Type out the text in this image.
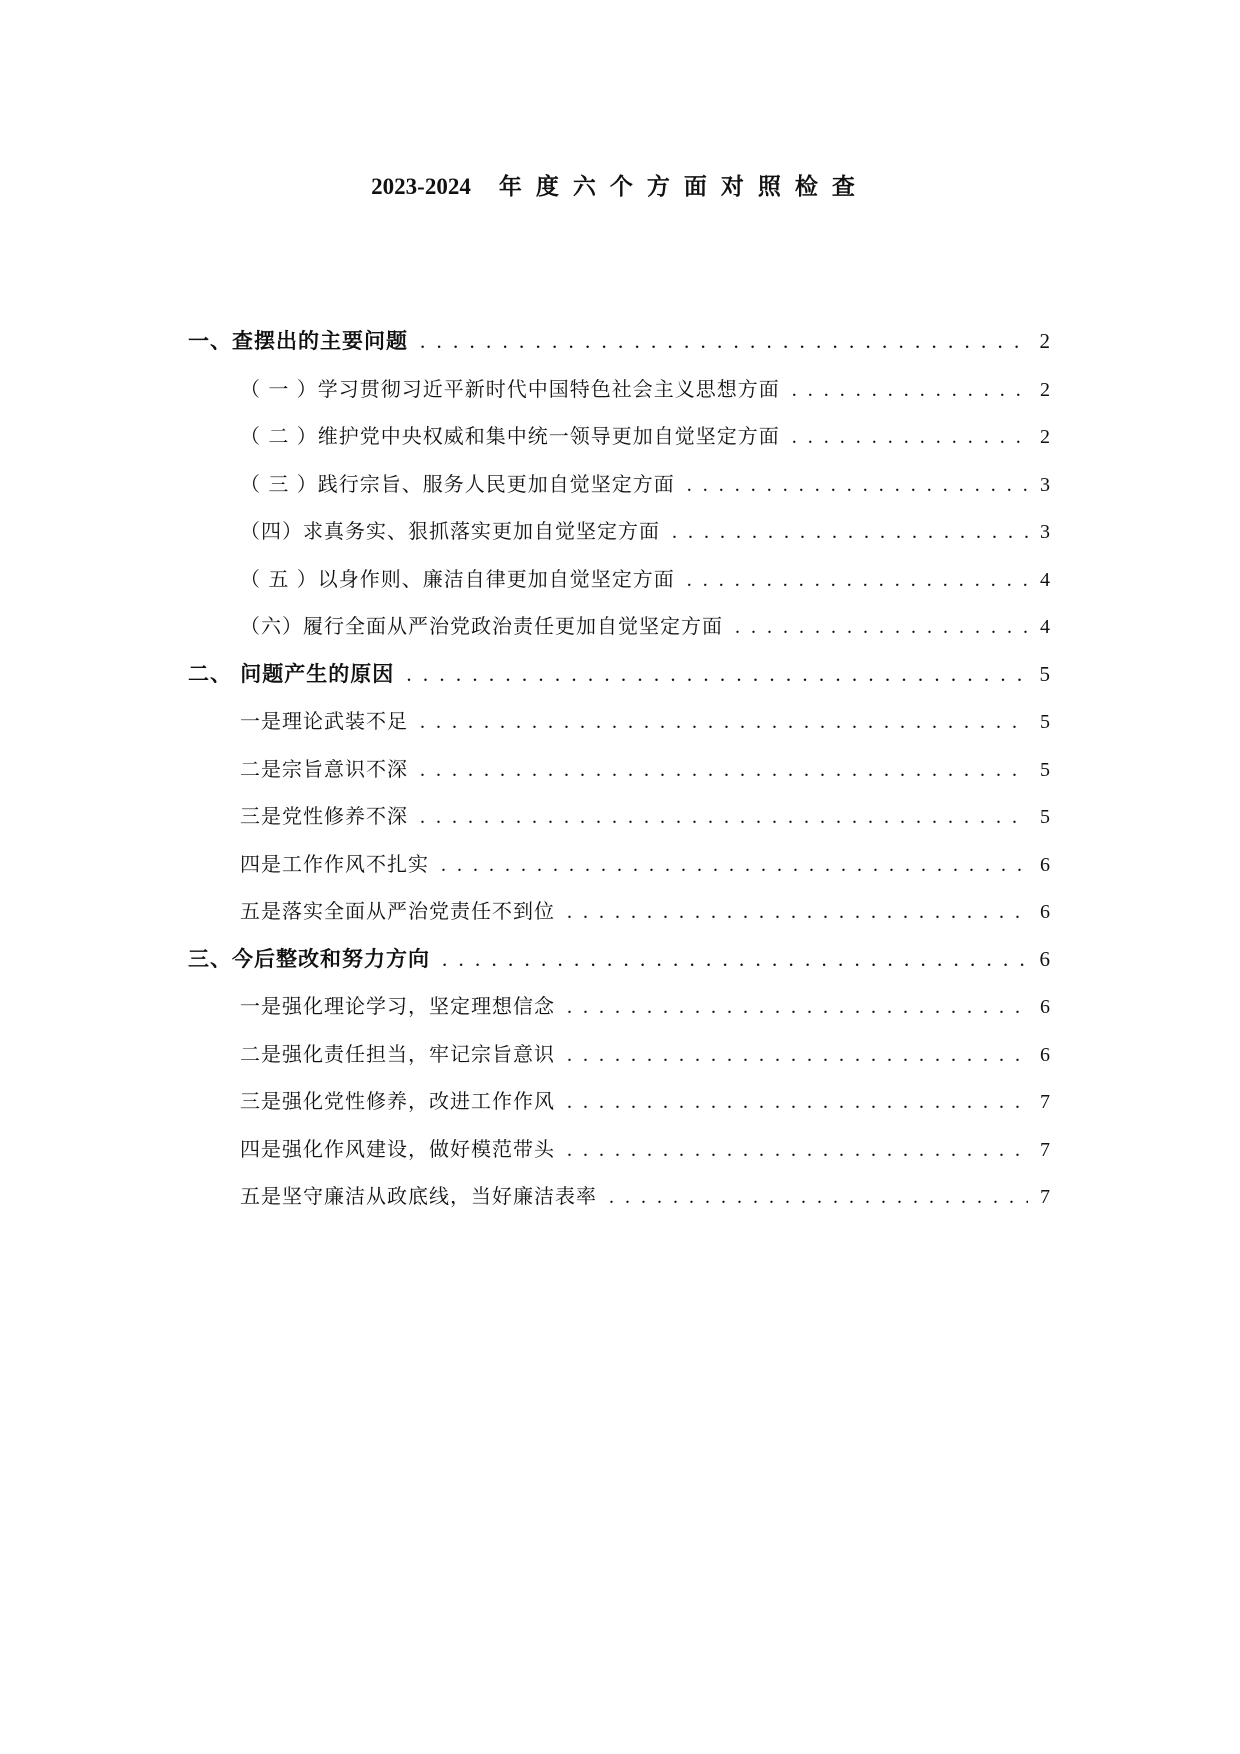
2023-2024 年度六个方面对照检查
一、查摆出的主要问题 . . .	2
（ 一 ）学习贯彻习近平新时代中国特色社会主义思想方面 . . .	2
（ 二 ）维护党中央权威和集中统一领导更加自觉坚定方面 . . .	2
（ 三 ）践行宗旨、服务人民更加自觉坚定方面 . . .	3
（四）求真务实、狠抓落实更加自觉坚定方面 . . .	3
（ 五 ）以身作则、廉洁自律更加自觉坚定方面 . . .	4
（六）履行全面从严治党政治责任更加自觉坚定方面 . . .	4
二、 问题产生的原因 . . .	5
一是理论武装不足 . . .	5
二是宗旨意识不深 . . .	5
三是党性修养不深 . . .	5
四是工作作风不扎实 . . .	6
五是落实全面从严治党责任不到位 . . .	6
三、今后整改和努力方向 . . .	6
一是强化理论学习，坚定理想信念 . . .	6
二是强化责任担当，牢记宗旨意识 . . .	6
三是强化党性修养，改进工作作风 . . .	7
四是强化作风建设，做好模范带头 . . .	7
五是坚守廉洁从政底线，当好廉洁表率 . . .	7
